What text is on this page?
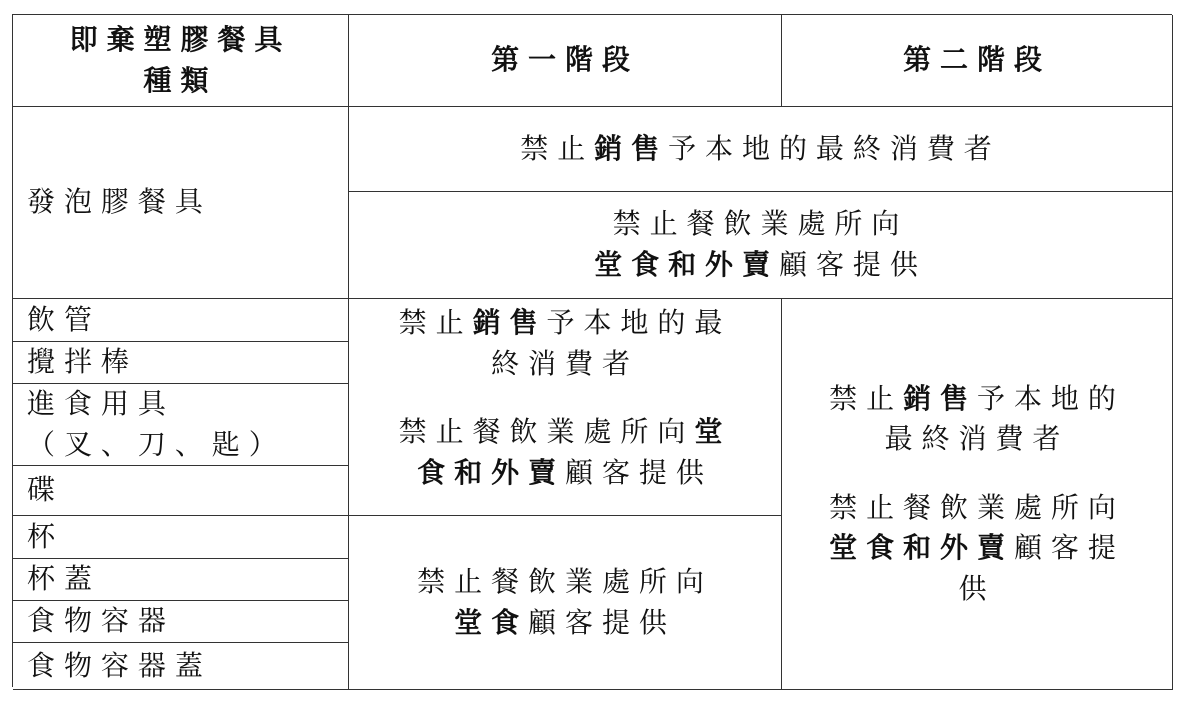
即棄塑膠餐具
種類
第一階段	第二階段
發泡膠餐具
禁止銷售予本地的最終消費者
禁止餐飲業處所向
堂食和外賣顧客提供
飲管
攪拌棒
進食用具
（叉、刀、匙）
碟
禁止銷售予本地的最
終消費者
禁止餐飲業處所向堂
食和外賣顧客提供
禁止銷售予本地的
最終消費者
禁止餐飲業處所向
堂食和外賣顧客提
供
杯
杯蓋
食物容器
食物容器蓋
禁止餐飲業處所向
堂食顧客提供
